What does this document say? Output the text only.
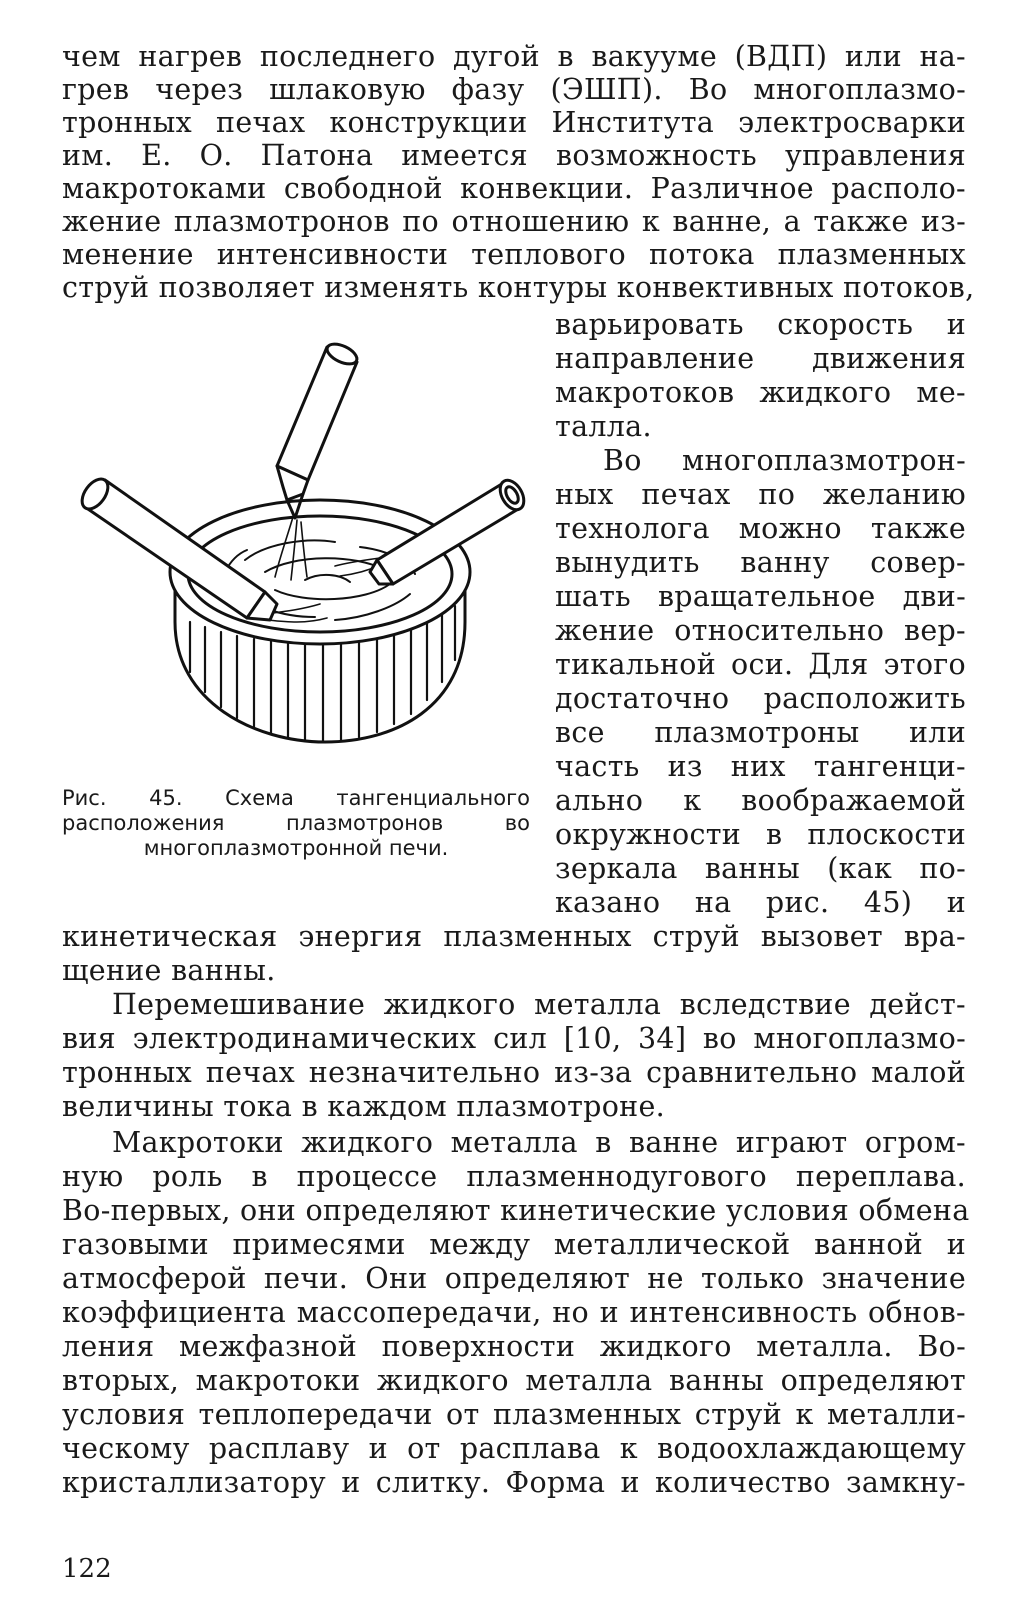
чем нагрев последнего дугой в вакууме (ВДП) или на-
грев через шлаковую фазу (ЭШП). Во многоплазмо-
тронных печах конструкции Института электросварки
им. Е. О. Патона имеется возможность управления
макротоками свободной конвекции. Различное располо-
жение плазмотронов по отношению к ванне, а также из-
менение интенсивности теплового потока плазменных
струй позволяет изменять контуры конвективных потоков,
варьировать скорость и
направление движения
макротоков жидкого ме-
талла.
Во многоплазмотрон-
ных печах по желанию
технолога можно также
вынудить ванну совер-
шать вращательное дви-
жение относительно вер-
тикальной оси. Для этого
достаточно расположить
все плазмотроны или
часть из них тангенци-
ально к воображаемой
окружности в плоскости
зеркала ванны (как по-
казано на рис. 45) и
кинетическая энергия плазменных струй вызовет вра-
щение ванны.
Перемешивание жидкого металла вследствие дейст-
вия электродинамических сил [10, 34] во многоплазмо-
тронных печах незначительно из-за сравнительно малой
величины тока в каждом плазмотроне.
Макротоки жидкого металла в ванне играют огром-
ную роль в процессе плазменнодугового переплава.
Во-первых, они определяют кинетические условия обмена
газовыми примесями между металлической ванной и
атмосферой печи. Они определяют не только значение
коэффициента массопередачи, но и интенсивность обнов-
ления межфазной поверхности жидкого металла. Во-
вторых, макротоки жидкого металла ванны определяют
условия теплопередачи от плазменных струй к металли-
ческому расплаву и от расплава к водоохлаждающему
кристаллизатору и слитку. Форма и количество замкну-
Рис. 45. Схема тангенциального
расположения плазмотронов во
многоплазмотронной печи.
122
